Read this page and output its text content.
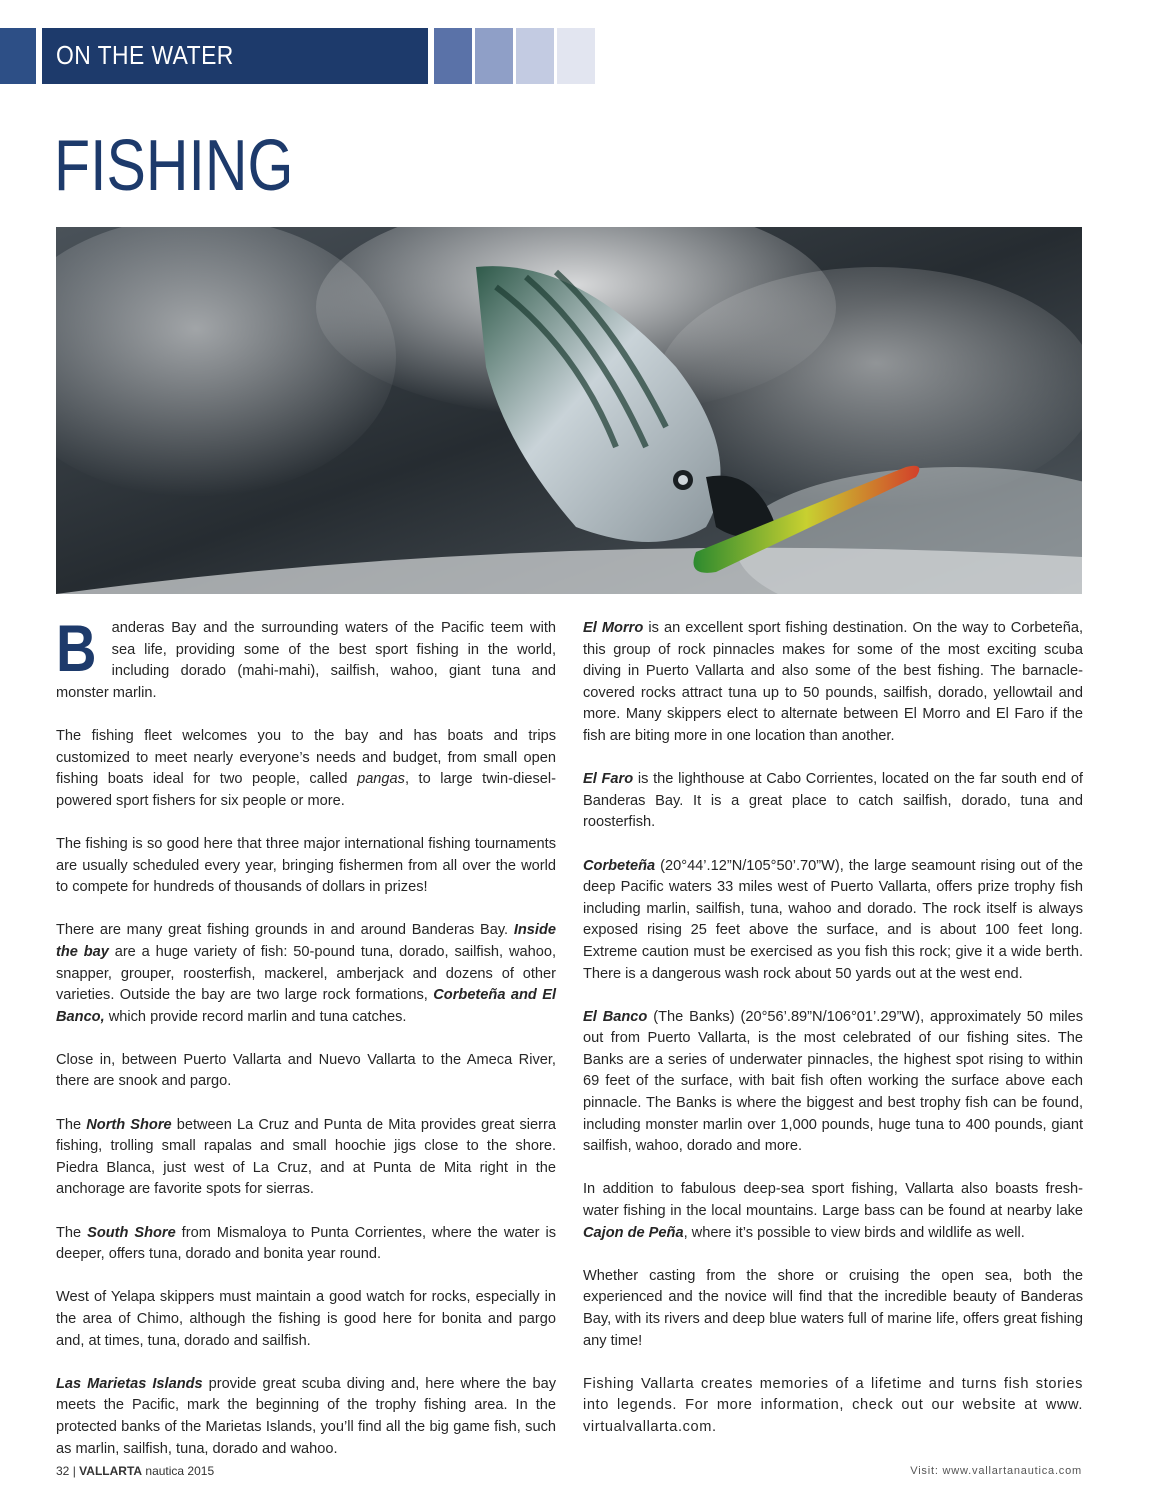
ON THE WATER
FISHING

B anderas Bay and the surrounding waters of the Pacific teem with sea life, providing some of the best sport fishing in the world, including dorado (mahi-mahi), sailfish, wahoo, giant tuna and monster marlin.

The fishing fleet welcomes you to the bay and has boats and trips customized to meet nearly everyone’s needs and budget, from small open fishing boats ideal for two people, called pangas, to large twin-diesel-powered sport fishers for six people or more.

The fishing is so good here that three major international fishing tournaments are usually scheduled every year, bringing fishermen from all over the world to compete for hundreds of thousands of dollars in prizes!

There are many great fishing grounds in and around Banderas Bay. Inside the bay are a huge variety of fish: 50-pound tuna, dorado, sailfish, wahoo, snapper, grouper, roosterfish, mackerel, amberjack and dozens of other varieties. Outside the bay are two large rock formations, Corbeteña and El Banco, which provide record marlin and tuna catches.

Close in, between Puerto Vallarta and Nuevo Vallarta to the Ameca River, there are snook and pargo.

The North Shore between La Cruz and Punta de Mita provides great sierra fishing, trolling small rapalas and small hoochie jigs close to the shore. Piedra Blanca, just west of La Cruz, and at Punta de Mita right in the anchorage are favorite spots for sierras.

The South Shore from Mismaloya to Punta Corrientes, where the water is deeper, offers tuna, dorado and bonita year round.

West of Yelapa skippers must maintain a good watch for rocks, especially in the area of Chimo, although the fishing is good here for bonita and pargo and, at times, tuna, dorado and sailfish.

Las Marietas Islands provide great scuba diving and, here where the bay meets the Pacific, mark the beginning of the trophy fishing area. In the protected banks of the Marietas Islands, you’ll find all the big game fish, such as marlin, sailfish, tuna, dorado and wahoo.

El Morro is an excellent sport fishing destination. On the way to Corbeteña, this group of rock pinnacles makes for some of the most exciting scuba diving in Puerto Vallarta and also some of the best fishing. The barnacle-covered rocks attract tuna up to 50 pounds, sailfish, dorado, yellowtail and more. Many skippers elect to alternate between El Morro and El Faro if the fish are biting more in one location than another.

El Faro is the lighthouse at Cabo Corrientes, located on the far south end of Banderas Bay. It is a great place to catch sailfish, dorado, tuna and roosterfish.

Corbeteña (20°44’.12”N/105°50’.70”W), the large seamount rising out of the deep Pacific waters 33 miles west of Puerto Vallarta, offers prize trophy fish including marlin, sailfish, tuna, wahoo and dorado. The rock itself is always exposed rising 25 feet above the surface, and is about 100 feet long. Extreme caution must be exercised as you fish this rock; give it a wide berth. There is a dangerous wash rock about 50 yards out at the west end.

El Banco (The Banks) (20°56’.89”N/106°01’.29”W), approximately 50 miles out from Puerto Vallarta, is the most celebrated of our fishing sites. The Banks are a series of underwater pinnacles, the highest spot rising to within 69 feet of the surface, with bait fish often working the surface above each pinnacle. The Banks is where the biggest and best trophy fish can be found, including monster marlin over 1,000 pounds, huge tuna to 400 pounds, giant sailfish, wahoo, dorado and more.

In addition to fabulous deep-sea sport fishing, Vallarta also boasts fresh-water fishing in the local mountains. Large bass can be found at nearby lake Cajon de Peña, where it’s possible to view birds and wildlife as well.

Whether casting from the shore or cruising the open sea, both the experienced and the novice will find that the incredible beauty of Banderas Bay, with its rivers and deep blue waters full of marine life, offers great fishing any time!

Fishing Vallarta creates memories of a lifetime and turns fish stories into legends. For more information, check out our website at www. virtualvallarta.com.

32 | VALLARTA nautica 2015	Visit: www.vallartanautica.com
